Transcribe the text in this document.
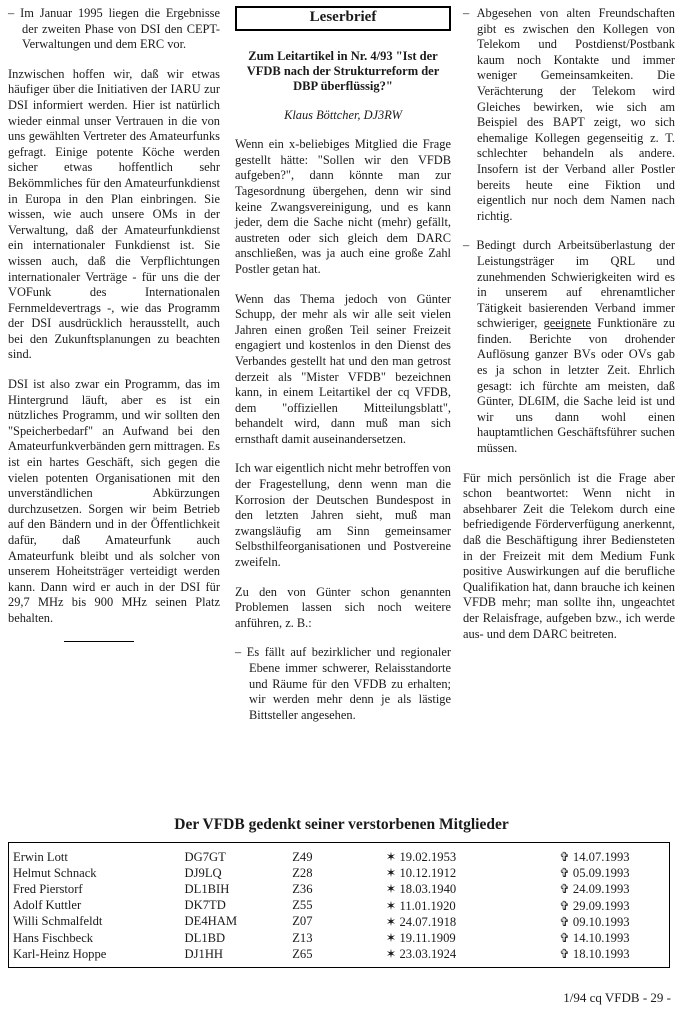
– Im Januar 1995 liegen die Ergebnisse der zweiten Phase von DSI den CEPT-Verwaltungen und dem ERC vor.

Inzwischen hoffen wir, daß wir etwas häufiger über die Initiativen der IARU zur DSI informiert werden. Hier ist natürlich wieder einmal unser Vertrauen in die von uns gewählten Vertreter des Amateurfunks gefragt. Einige potente Köche werden sicher etwas hoffentlich sehr Bekömmliches für den Amateurfunkdienst in Europa in den Plan einbringen. Sie wissen, wie auch unsere OMs in der Verwaltung, daß der Amateurfunkdienst ein internationaler Funkdienst ist. Sie wissen auch, daß die Verpflichtungen internationaler Verträge - für uns die der VOFunk des Internationalen Fernmeldevertrags -, wie das Programm der DSI ausdrücklich herausstellt, auch bei den Zukunftsplanungen zu beachten sind.

DSI ist also zwar ein Programm, das im Hintergrund läuft, aber es ist ein nützliches Programm, und wir sollten den "Speicherbedarf" an Aufwand bei den Amateurfunkverbänden gern mittragen. Es ist ein hartes Geschäft, sich gegen die vielen potenten Organisationen mit den unverständlichen Abkürzungen durchzusetzen. Sorgen wir beim Betrieb auf den Bändern und in der Öffentlichkeit dafür, daß Amateurfunk auch Amateurfunk bleibt und als solcher von unserem Hoheitsträger verteidigt werden kann. Dann wird er auch in der DSI für 29,7 MHz bis 900 MHz seinen Platz behalten.

Leserbrief

Zum Leitartikel in Nr. 4/93 "Ist der VFDB nach der Strukturreform der DBP überflüssig?"

Klaus Böttcher, DJ3RW

Wenn ein x-beliebiges Mitglied die Frage gestellt hätte: "Sollen wir den VFDB aufgeben?", dann könnte man zur Tagesordnung übergehen, denn wir sind keine Zwangsvereinigung, und es kann jeder, dem die Sache nicht (mehr) gefällt, austreten oder sich gleich dem DARC anschließen, was ja auch eine große Zahl Postler getan hat.

Wenn das Thema jedoch von Günter Schupp, der mehr als wir alle seit vielen Jahren einen großen Teil seiner Freizeit engagiert und kostenlos in den Dienst des Verbandes gestellt hat und den man getrost derzeit als "Mister VFDB" bezeichnen kann, in einem Leitartikel der cq VFDB, dem "offiziellen Mitteilungsblatt", behandelt wird, dann muß man sich ernsthaft damit auseinandersetzen.

Ich war eigentlich nicht mehr betroffen von der Fragestellung, denn wenn man die Korrosion der Deutschen Bundespost in den letzten Jahren sieht, muß man zwangsläufig am Sinn gemeinsamer Selbsthilfeorganisationen und Postvereine zweifeln.

Zu den von Günter schon genannten Problemen lassen sich noch weitere anführen, z. B.:

– Es fällt auf bezirklicher und regionaler Ebene immer schwerer, Relaisstandorte und Räume für den VFDB zu erhalten; wir werden mehr denn je als lästige Bittsteller angesehen.

– Abgesehen von alten Freundschaften gibt es zwischen den Kollegen von Telekom und Postdienst/Postbank kaum noch Kontakte und immer weniger Gemeinsamkeiten. Die Verächterung der Telekom wird Gleiches bewirken, wie sich am Beispiel des BAPT zeigt, wo sich ehemalige Kollegen gegenseitig z. T. schlechter behandeln als andere. Insofern ist der Verband aller Postler bereits heute eine Fiktion und eigentlich nur noch dem Namen nach richtig.

– Bedingt durch Arbeitsüberlastung der Leistungsträger im QRL und zunehmenden Schwierigkeiten wird es in unserem auf ehrenamtlicher Tätigkeit basierenden Verband immer schwieriger, geeignete Funktionäre zu finden. Berichte von drohender Auflösung ganzer BVs oder OVs gab es ja schon in letzter Zeit. Ehrlich gesagt: ich fürchte am meisten, daß Günter, DL6IM, die Sache leid ist und wir uns dann wohl einen hauptamtlichen Geschäftsführer suchen müssen.

Für mich persönlich ist die Frage aber schon beantwortet: Wenn nicht in absehbarer Zeit die Telekom durch eine befriedigende Förderverfügung anerkennt, daß die Beschäftigung ihrer Bediensteten in der Freizeit mit dem Medium Funk positive Auswirkungen auf die berufliche Qualifikation hat, dann brauche ich keinen VFDB mehr; man sollte ihn, ungeachtet der Relaisfrage, aufgeben bzw., ich werde aus- und dem DARC beitreten.

Der VFDB gedenkt seiner verstorbenen Mitglieder
Erwin Lott	DG7GT	Z49	✶ 19.02.1953	✞ 14.07.1993
Helmut Schnack	DJ9LQ	Z28	✶ 10.12.1912	✞ 05.09.1993
Fred Pierstorf	DL1BIH	Z36	✶ 18.03.1940	✞ 24.09.1993
Adolf Kuttler	DK7TD	Z55	✶ 11.01.1920	✞ 29.09.1993
Willi Schmalfeldt	DE4HAM	Z07	✶ 24.07.1918	✞ 09.10.1993
Hans Fischbeck	DL1BD	Z13	✶ 19.11.1909	✞ 14.10.1993
Karl-Heinz Hoppe	DJ1HH	Z65	✶ 23.03.1924	✞ 18.10.1993
1/94 cq VFDB - 29 -
